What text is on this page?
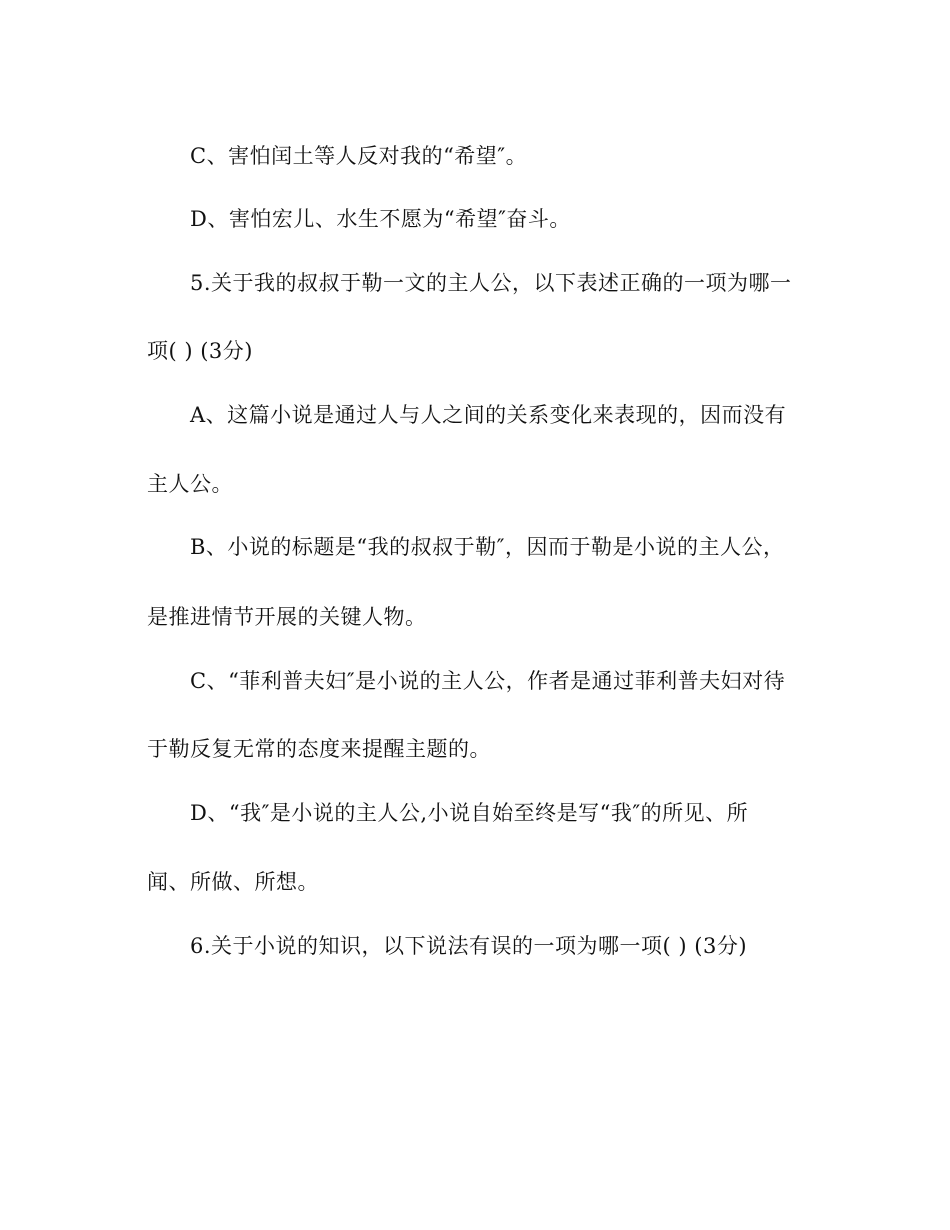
C、害怕闰土等人反对我的“希望″。
D、害怕宏儿、水生不愿为“希望″奋斗。
5.关于我的叔叔于勒一文的主人公，以下表述正确的一项为哪一
项( ) (3分)
A、这篇小说是通过人与人之间的关系变化来表现的，因而没有
主人公。
B、小说的标题是“我的叔叔于勒″，因而于勒是小说的主人公，
是推进情节开展的关键人物。
C、“菲利普夫妇″是小说的主人公，作者是通过菲利普夫妇对待
于勒反复无常的态度来提醒主题的。
D、“我″是小说的主人公,小说自始至终是写“我″的所见、所
闻、所做、所想。
6.关于小说的知识，以下说法有误的一项为哪一项( ) (3分)
